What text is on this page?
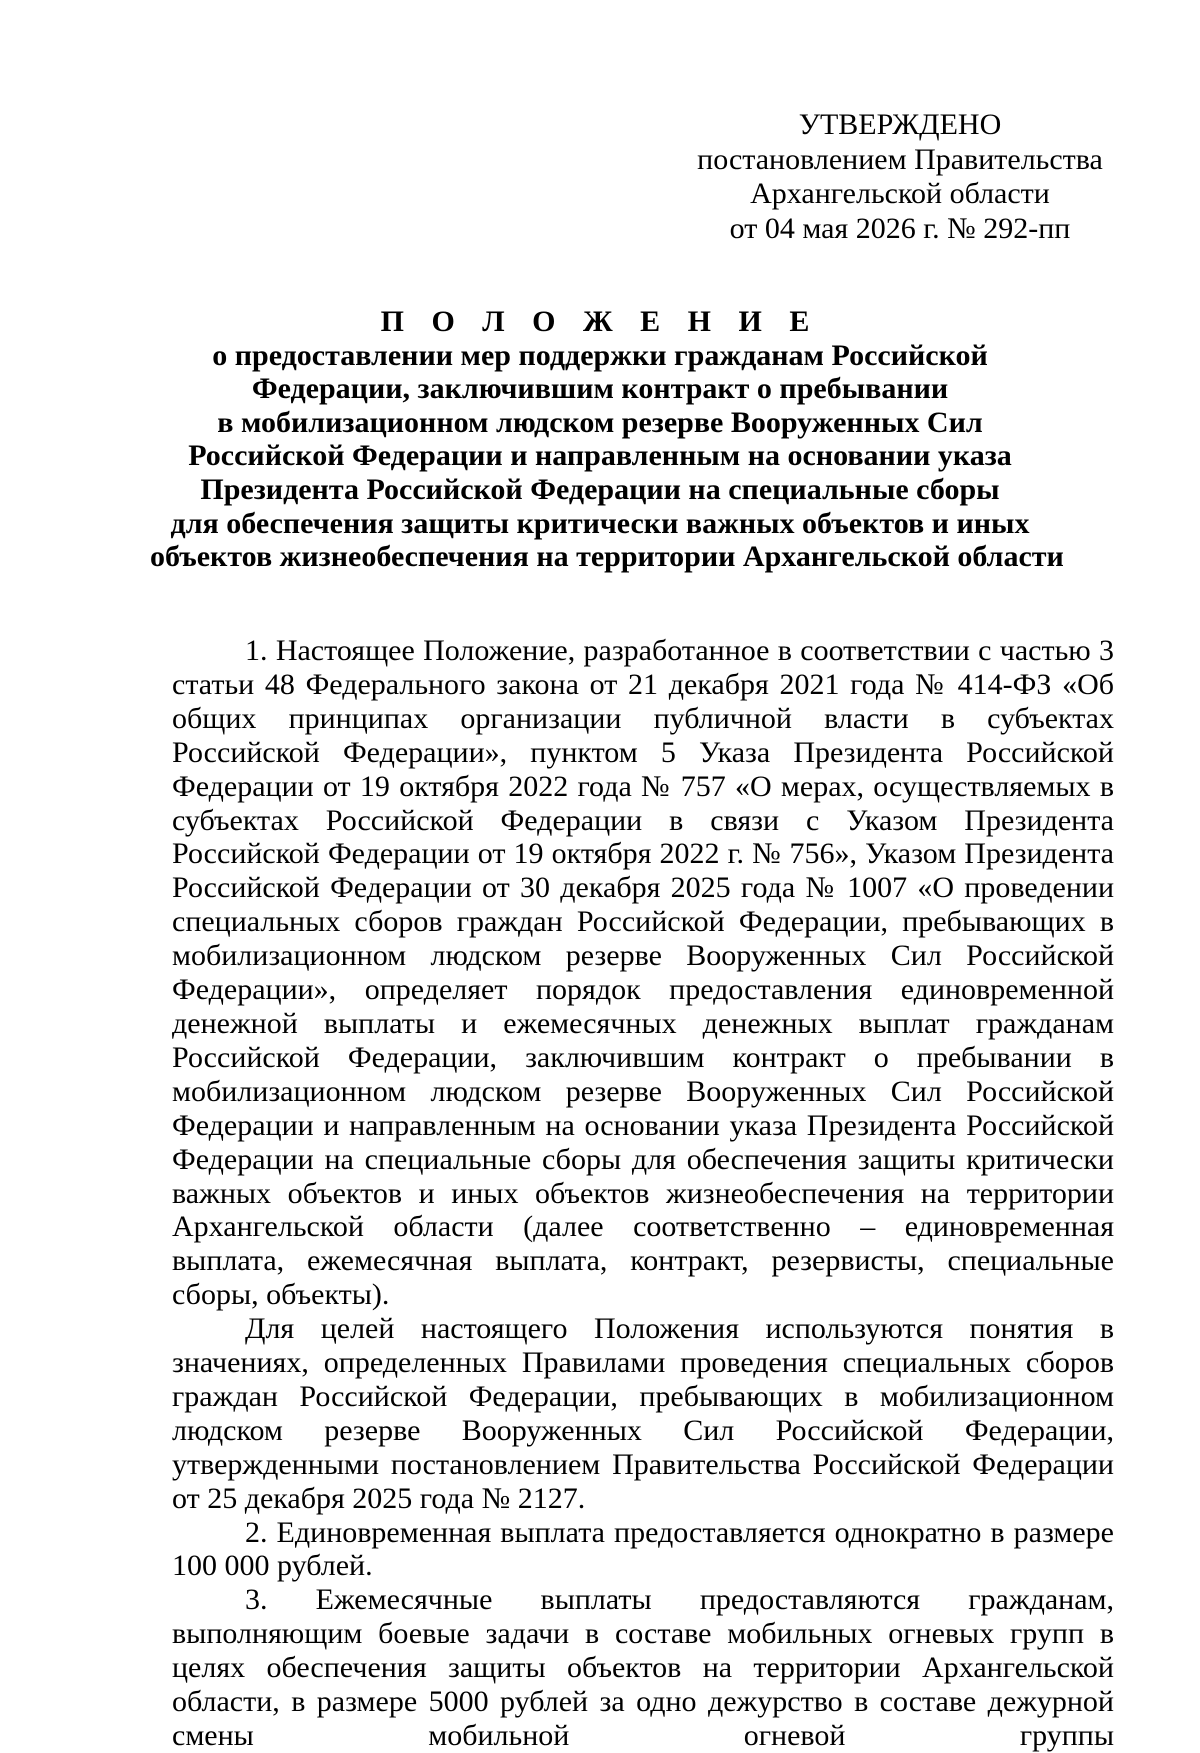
УТВЕРЖДЕНО
постановлением Правительства
Архангельской области
от 04 мая 2026 г. № 292-пп
П О Л О Ж Е Н И Е
о предоставлении мер поддержки гражданам Российской
Федерации, заключившим контракт о пребывании
в мобилизационном людском резерве Вооруженных Сил
Российской Федерации и направленным на основании указа
Президента Российской Федерации на специальные сборы
для обеспечения защиты критически важных объектов и иных
объектов жизнеобеспечения на территории Архангельской области

1. Настоящее Положение, разработанное в соответствии с частью 3 статьи 48 Федерального закона от 21 декабря 2021 года № 414-ФЗ «Об общих принципах организации публичной власти в субъектах Российской Федерации», пунктом 5 Указа Президента Российской Федерации от 19 октября 2022 года № 757 «О мерах, осуществляемых в субъектах Российской Федерации в связи с Указом Президента Российской Федерации от 19 октября 2022 г. № 756», Указом Президента Российской Федерации от 30 декабря 2025 года № 1007 «О проведении специальных сборов граждан Российской Федерации, пребывающих в мобилизационном людском резерве Вооруженных Сил Российской Федерации», определяет порядок предоставления единовременной денежной выплаты и ежемесячных денежных выплат гражданам Российской Федерации, заключившим контракт о пребывании в мобилизационном людском резерве Вооруженных Сил Российской Федерации и направленным на основании указа Президента Российской Федерации на специальные сборы для обеспечения защиты критически важных объектов и иных объектов жизнеобеспечения на территории Архангельской области (далее соответственно – единовременная выплата, ежемесячная выплата, контракт, резервисты, специальные сборы, объекты).

Для целей настоящего Положения используются понятия в значениях, определенных Правилами проведения специальных сборов граждан Российской Федерации, пребывающих в мобилизационном людском резерве Вооруженных Сил Российской Федерации, утвержденными постановлением Правительства Российской Федерации от 25 декабря 2025 года № 2127.

2. Единовременная выплата предоставляется однократно в размере 100 000 рублей.

3. Ежемесячные выплаты предоставляются гражданам, выполняющим боевые задачи в составе мобильных огневых групп в целях обеспечения защиты объектов на территории Архангельской области, в размере 5000 рублей за одно дежурство в составе дежурной смены мобильной огневой группы
